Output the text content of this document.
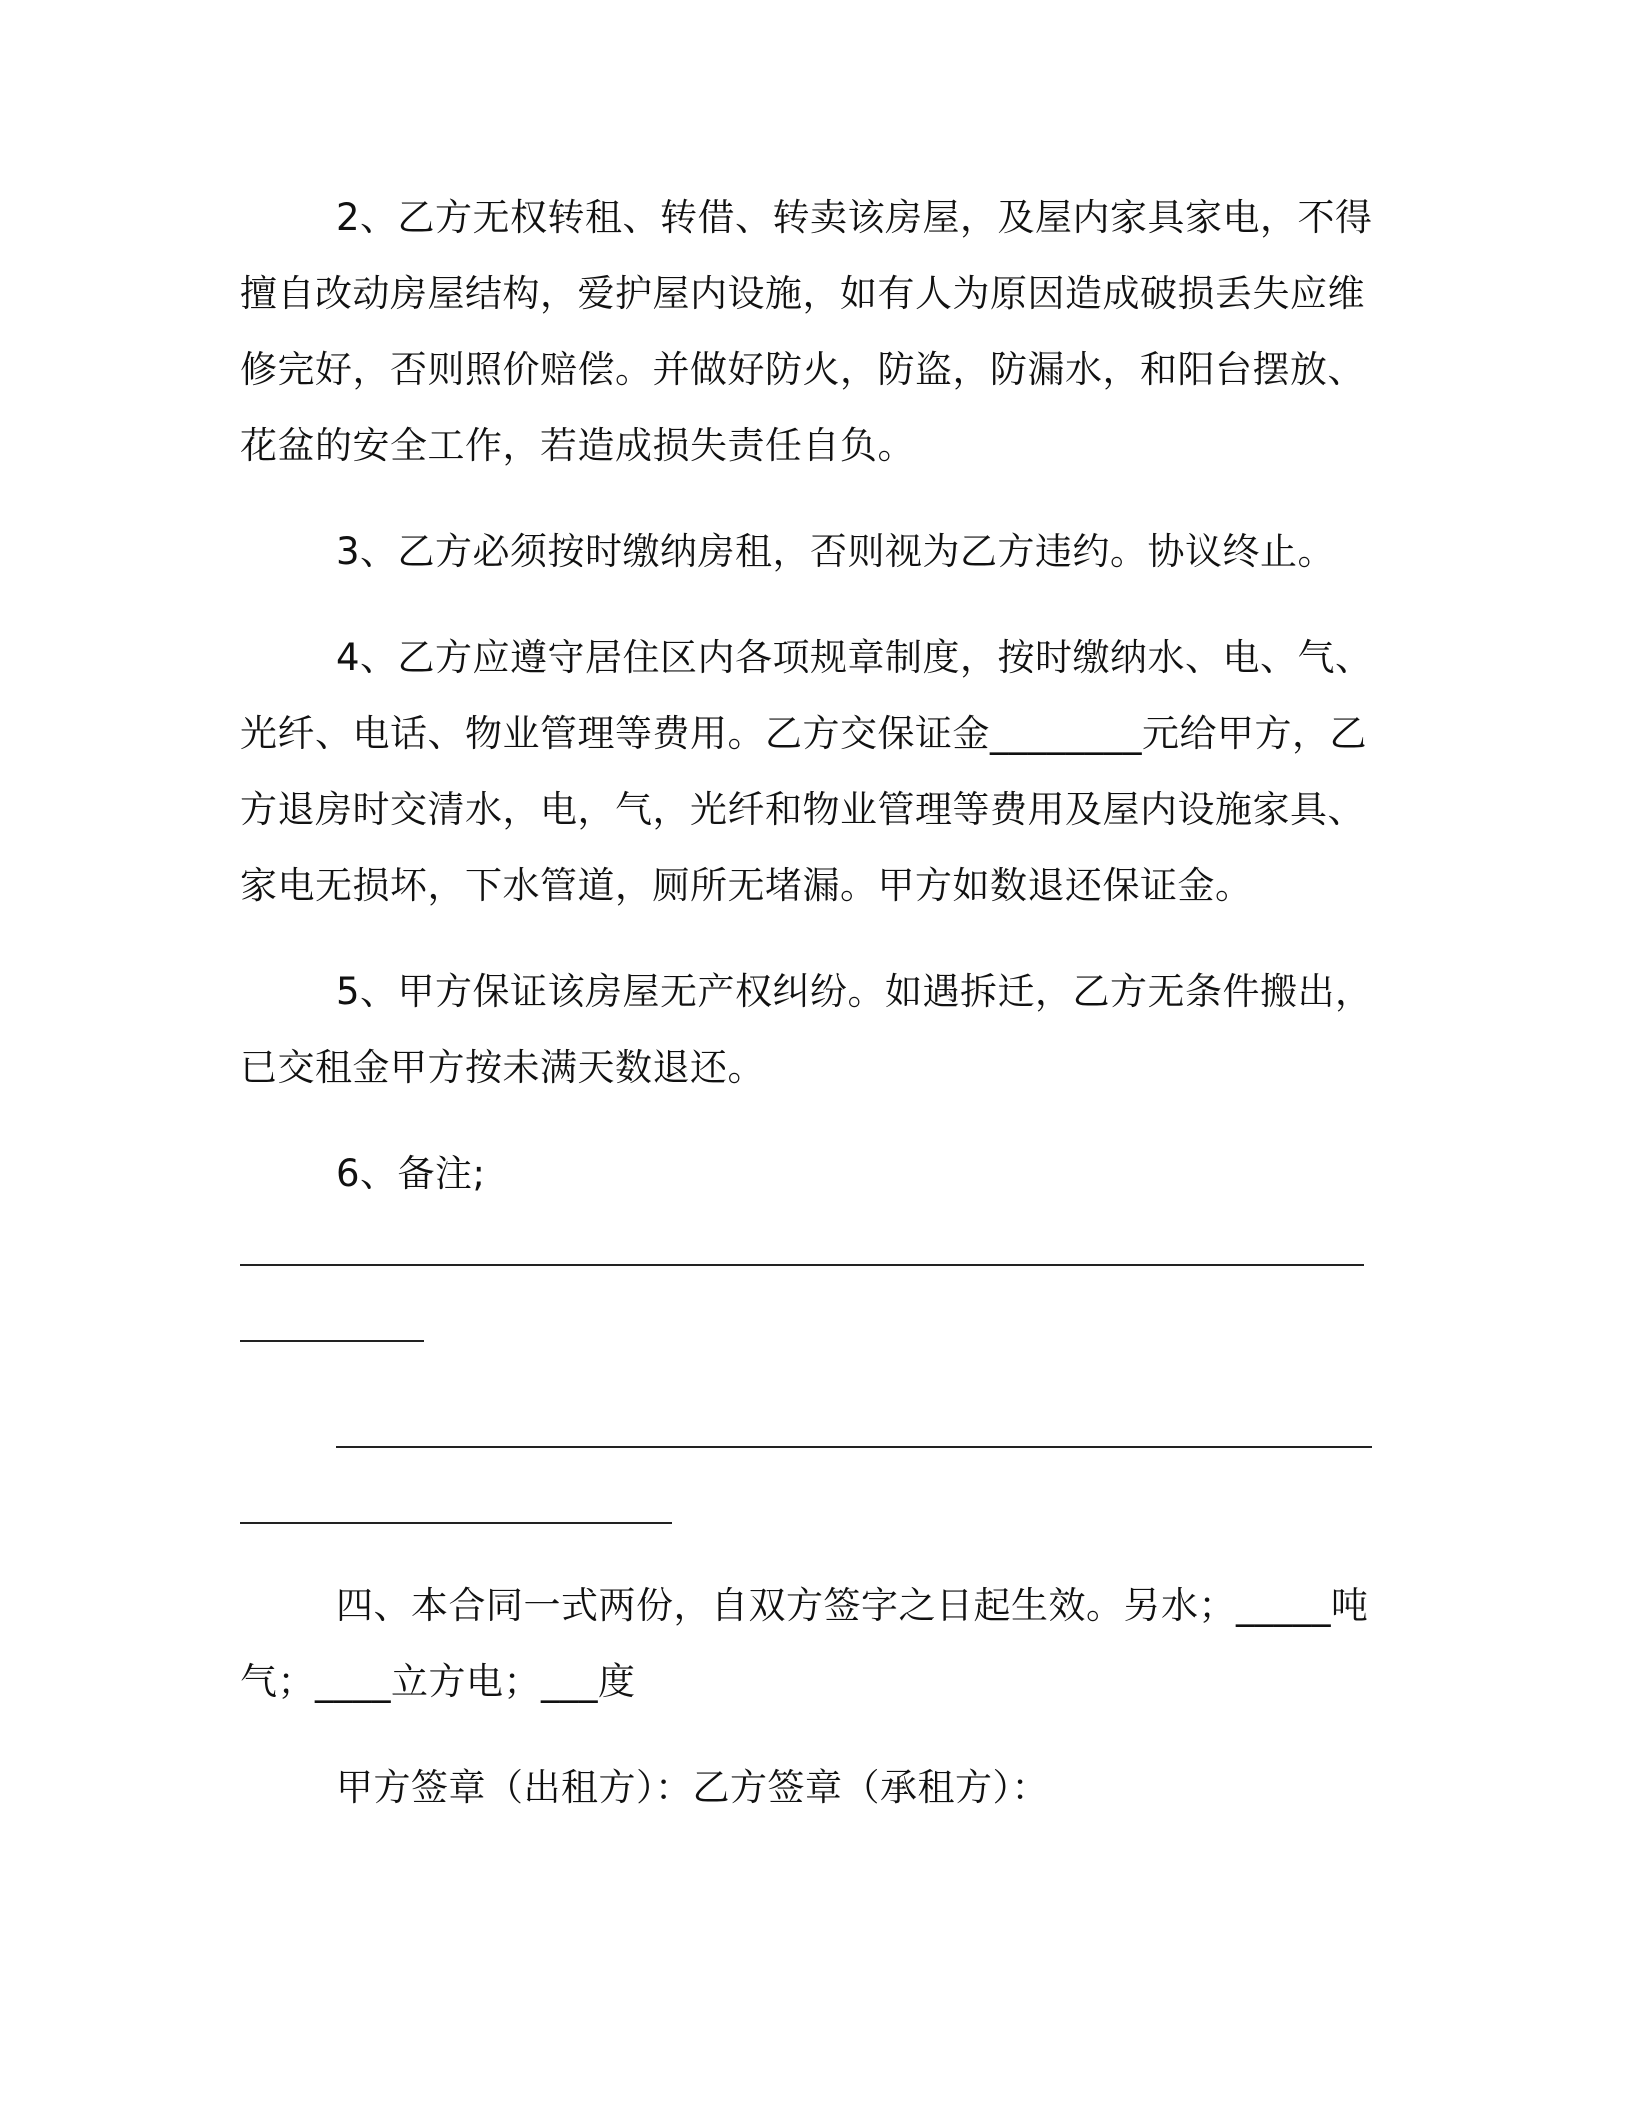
2、乙方无权转租、转借、转卖该房屋，及屋内家具家电，不得
擅自改动房屋结构，爱护屋内设施，如有人为原因造成破损丢失应维
修完好，否则照价赔偿。并做好防火，防盗，防漏水，和阳台摆放、
花盆的安全工作，若造成损失责任自负。
3、乙方必须按时缴纳房租，否则视为乙方违约。协议终止。
4、乙方应遵守居住区内各项规章制度，按时缴纳水、电、气、
光纤、电话、物业管理等费用。乙方交保证金________元给甲方，乙
方退房时交清水，电，气，光纤和物业管理等费用及屋内设施家具、
家电无损坏，下水管道，厕所无堵漏。甲方如数退还保证金。
5、甲方保证该房屋无产权纠纷。如遇拆迁，乙方无条件搬出，
已交租金甲方按未满天数退还。
6、备注;
四、本合同一式两份，自双方签字之日起生效。另水；_____吨
气；____立方电；___度
甲方签章（出租方）：乙方签章（承租方）：
